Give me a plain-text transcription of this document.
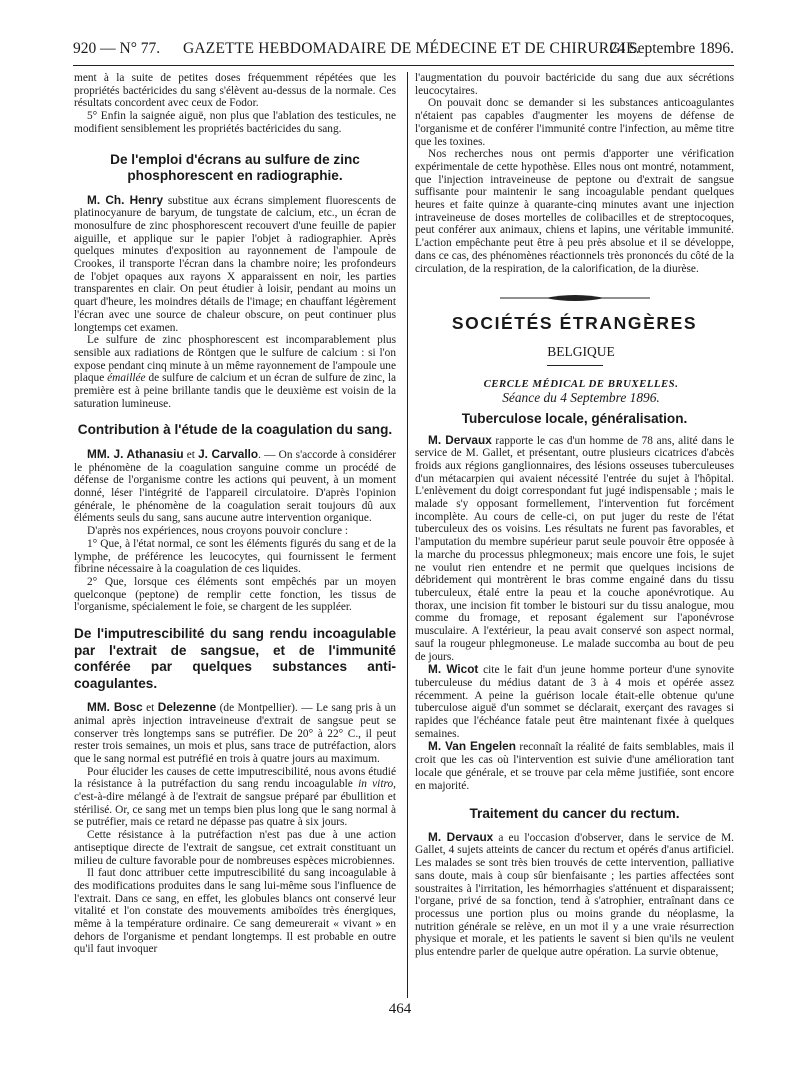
920 — N° 77. GAZETTE HEBDOMADAIRE DE MÉDECINE ET DE CHIRURGIE.
24 Septembre 1896.

ment à la suite de petites doses fréquemment répétées que les propriétés bactéricides du sang s'élèvent au-dessus de la normale. Ces résultats concordent avec ceux de Fodor.

5° Enfin la saignée aiguë, non plus que l'ablation des testicules, ne modifient sensiblement les propriétés bactéricides du sang.

De l'emploi d'écrans au sulfure de zinc phosphorescent en radiographie.

M. Ch. Henry substitue aux écrans simplement fluorescents de platinocyanure de baryum, de tungstate de calcium, etc., un écran de monosulfure de zinc phosphorescent recouvert d'une feuille de papier aiguille, et applique sur le papier l'objet à radiographier. Après quelques minutes d'exposition au rayonnement de l'ampoule de Crookes, il transporte l'écran dans la chambre noire; les profondeurs de l'objet opaques aux rayons X apparaissent en noir, les parties transparentes en clair. On peut étudier à loisir, pendant au moins un quart d'heure, les moindres détails de l'image; en chauffant légèrement l'écran avec une source de chaleur obscure, on peut continuer plus longtemps cet examen.

Le sulfure de zinc phosphorescent est incomparablement plus sensible aux radiations de Röntgen que le sulfure de calcium : si l'on expose pendant cinq minute à un même rayonnement de l'ampoule une plaque émaillée de sulfure de calcium et un écran de sulfure de zinc, la première est à peine brillante tandis que le deuxième est voisin de la saturation lumineuse.

Contribution à l'étude de la coagulation du sang.

MM. J. Athanasiu et J. Carvallo. — On s'accorde à considérer le phénomène de la coagulation sanguine comme un procédé de défense de l'organisme contre les actions qui peuvent, à un moment donné, léser l'intégrité de l'appareil circulatoire. D'après l'opinion générale, le phénomène de la coagulation serait toujours dû aux éléments seuls du sang, sans aucune autre intervention organique.

D'après nos expériences, nous croyons pouvoir conclure :

1° Que, à l'état normal, ce sont les éléments figurés du sang et de la lymphe, de préférence les leucocytes, qui fournissent le ferment fibrine nécessaire à la coagulation de ces liquides.

2° Que, lorsque ces éléments sont empêchés par un moyen quelconque (peptone) de remplir cette fonction, les tissus de l'organisme, spécialement le foie, se chargent de les suppléer.

De l'imputrescibilité du sang rendu incoagulable par l'extrait de sangsue, et de l'immunité conférée par quelques substances anti-coagulantes.

MM. Bosc et Delezenne (de Montpellier). — Le sang pris à un animal après injection intraveineuse d'extrait de sangsue peut se conserver très longtemps sans se putréfier. De 20° à 22° C., il peut rester trois semaines, un mois et plus, sans trace de putréfaction, alors que le sang normal est putréfié en trois à quatre jours au maximum.

Pour élucider les causes de cette imputrescibilité, nous avons étudié la résistance à la putréfaction du sang rendu incoagulable in vitro, c'est-à-dire mélangé à de l'extrait de sangsue préparé par ébullition et stérilisé. Or, ce sang met un temps bien plus long que le sang normal à se putréfier, mais ce retard ne dépasse pas quatre à six jours.

Cette résistance à la putréfaction n'est pas due à une action antiseptique directe de l'extrait de sangsue, cet extrait constituant un milieu de culture favorable pour de nombreuses espèces microbiennes.

Il faut donc attribuer cette imputrescibilité du sang incoagulable à des modifications produites dans le sang lui-même sous l'influence de l'extrait. Dans ce sang, en effet, les globules blancs ont conservé leur vitalité et l'on constate des mouvements amiboïdes très énergiques, même à la température ordinaire. Ce sang demeurerait « vivant » en dehors de l'organisme et pendant longtemps. Il est probable en outre qu'il faut invoquer

l'augmentation du pouvoir bactéricide du sang due aux sécrétions leucocytaires.

On pouvait donc se demander si les substances anticoagulantes n'étaient pas capables d'augmenter les moyens de défense de l'organisme et de conférer l'immunité contre l'infection, au même titre que les toxines.

Nos recherches nous ont permis d'apporter une vérification expérimentale de cette hypothèse. Elles nous ont montré, notamment, que l'injection intraveineuse de peptone ou d'extrait de sangsue suffisante pour maintenir le sang incoagulable pendant quelques heures et faite quinze à quarante-cinq minutes avant une injection intraveineuse de doses mortelles de colibacilles et de streptocoques, peut conférer aux animaux, chiens et lapins, une véritable immunité. L'action empêchante peut être à peu près absolue et il se développe, dans ce cas, des phénomènes réactionnels très prononcés du côté de la circulation, de la respiration, de la calorification, de la diurèse.

SOCIÉTÉS ÉTRANGÈRES

BELGIQUE

CERCLE MÉDICAL DE BRUXELLES.

Séance du 4 Septembre 1896.

Tuberculose locale, généralisation.

M. Dervaux rapporte le cas d'un homme de 78 ans, alité dans le service de M. Gallet, et présentant, outre plusieurs cicatrices d'abcès froids aux régions ganglionnaires, des lésions osseuses tuberculeuses d'un métacarpien qui avaient nécessité l'entrée du sujet à l'hôpital. L'enlèvement du doigt correspondant fut jugé indispensable ; mais le malade s'y opposant formellement, l'intervention fut forcément incomplète. Au cours de celle-ci, on put juger du reste de l'état tuberculeux des os voisins. Les résultats ne furent pas favorables, et l'amputation du membre supérieur parut seule pouvoir être opposée à la marche du processus phlegmoneux; mais encore une fois, le sujet ne voulut rien entendre et ne permit que quelques incisions de débridement qui montrèrent le bras comme engainé dans du tissu tuberculeux, étalé entre la peau et la couche aponévrotique. Au thorax, une incision fit tomber le bistouri sur du tissu analogue, mou comme du fromage, et reposant également sur l'aponévrose musculaire. A l'extérieur, la peau avait conservé son aspect normal, sauf la rougeur phlegmoneuse. Le malade succomba au bout de peu de jours.

M. Wicot cite le fait d'un jeune homme porteur d'une synovite tuberculeuse du médius datant de 3 à 4 mois et opérée assez récemment. A peine la guérison locale était-elle obtenue qu'une tuberculose aiguë d'un sommet se déclarait, exerçant des ravages si rapides que l'échéance fatale peut être maintenant fixée à quelques semaines.

M. Van Engelen reconnaît la réalité de faits semblables, mais il croit que les cas où l'intervention est suivie d'une amélioration tant locale que générale, et se trouve par cela même justifiée, sont encore en majorité.

Traitement du cancer du rectum.

M. Dervaux a eu l'occasion d'observer, dans le service de M. Gallet, 4 sujets atteints de cancer du rectum et opérés d'anus artificiel. Les malades se sont très bien trouvés de cette intervention, palliative sans doute, mais à coup sûr bienfaisante ; les parties affectées sont soustraites à l'irritation, les hémorrhagies s'atténuent et disparaissent; l'organe, privé de sa fonction, tend à s'atrophier, entraînant dans ce processus une portion plus ou moins grande du néoplasme, la nutrition générale se relève, en un mot il y a une vraie résurrection physique et morale, et les patients le savent si bien qu'ils ne veulent plus entendre parler de quelque autre opération. La survie obtenue,

464
